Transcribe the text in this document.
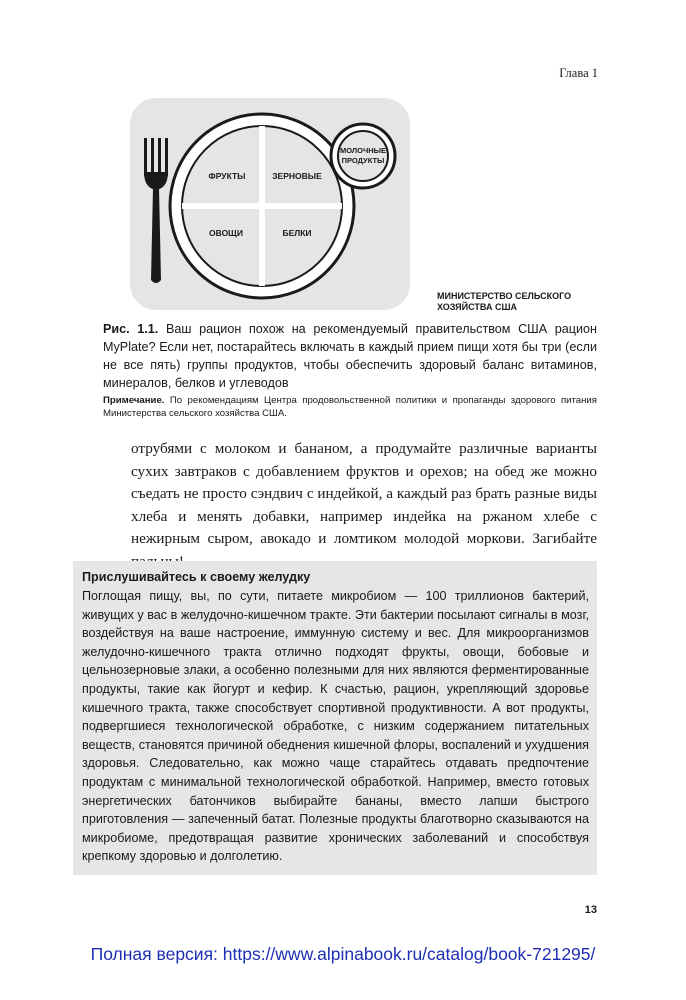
Глава 1
ФРУКТЫ	ЗЕРНОВЫЕ
ОВОЩИ	БЕЛКИ
МОЛОЧНЫЕ
ПРОДУКТЫ
МИНИСТЕРСТВО СЕЛЬСКОГО ХОЗЯЙСТВА США
Рис. 1.1. Ваш рацион похож на рекомендуемый правительством США рацион MyPlate? Если нет, постарайтесь включать в каждый прием пищи хотя бы три (если не все пять) группы продуктов, чтобы обеспечить здоровый баланс витаминов, минералов, белков и углеводов
Примечание. По рекомендациям Центра продовольственной политики и пропаганды здорового питания Министерства сельского хозяйства США.
отрубями с молоком и бананом, а продумайте различные варианты сухих завтраков с добавлением фруктов и орехов; на обед же можно съедать не просто сэндвич с индейкой, а каждый раз брать разные виды хлеба и менять добавки, например индейка на ржаном хлебе с нежирным сыром, авокадо и ломтиком молодой моркови. Загибайте
Прислушивайтесь к своему желудку
Поглощая пищу, вы, по сути, питаете микробиом — 100 триллионов бактерий, живущих у вас в желудочно-кишечном тракте. Эти бактерии посылают сигналы в мозг, воздействуя на ваше настроение, иммунную систему и вес. Для микроорганизмов желудочно-кишечного тракта отлично подходят фрукты, овощи, бобовые и цельнозерновые злаки, а особенно полезными для них являются ферментированные продукты, такие как йогурт и кефир. К счастью, рацион, укрепляющий здоровье кишечного тракта, также способствует спортивной продуктивности. А вот продукты, подвергшиеся технологической обработке, с низким содержанием питательных веществ, становятся причиной обеднения кишечной флоры, воспалений и ухудшения здоровья. Следовательно, как можно чаще старайтесь отдавать предпочтение продуктам с минимальной технологической обработкой. Например, вместо готовых энергетических батончиков выбирайте бананы, вместо лапши быстрого приготовления — запеченный батат. Полезные продукты благотворно сказываются на микробиоме, предотвращая развитие хронических заболеваний и способствуя крепкому здоровью и долголетию.
13
Полная версия: https://www.alpinabook.ru/catalog/book-721295/
